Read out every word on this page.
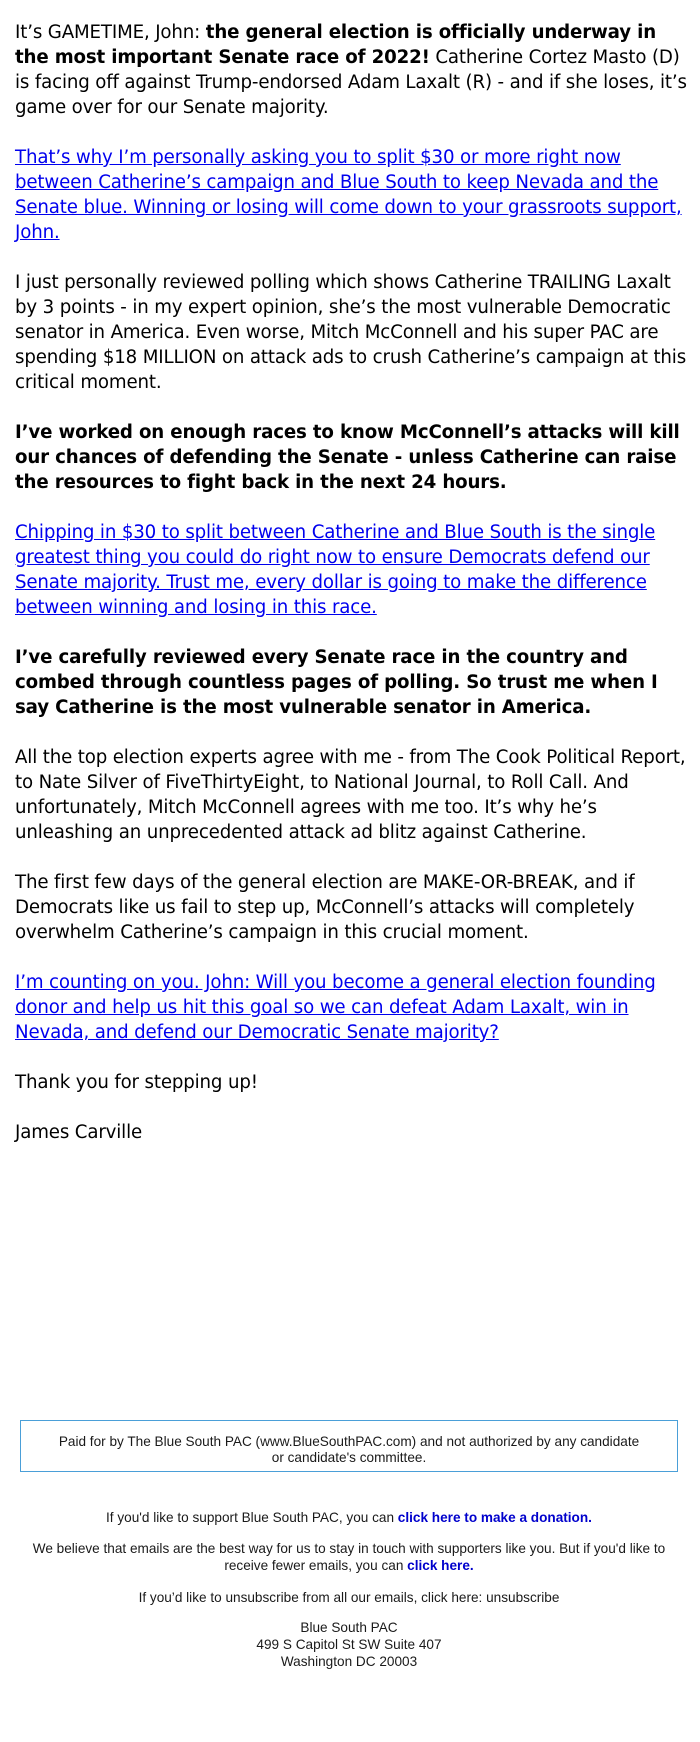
It’s GAMETIME, John: the general election is officially underway in the most important Senate race of 2022! Catherine Cortez Masto (D) is facing off against Trump-endorsed Adam Laxalt (R) - and if she loses, it’s game over for our Senate majority.

That’s why I’m personally asking you to split $30 or more right now between Catherine’s campaign and Blue South to keep Nevada and the Senate blue. Winning or losing will come down to your grassroots support, John.

I just personally reviewed polling which shows Catherine TRAILING Laxalt by 3 points - in my expert opinion, she’s the most vulnerable Democratic senator in America. Even worse, Mitch McConnell and his super PAC are spending $18 MILLION on attack ads to crush Catherine’s campaign at this critical moment.

I’ve worked on enough races to know McConnell’s attacks will kill our chances of defending the Senate - unless Catherine can raise the resources to fight back in the next 24 hours.

Chipping in $30 to split between Catherine and Blue South is the single greatest thing you could do right now to ensure Democrats defend our Senate majority. Trust me, every dollar is going to make the difference between winning and losing in this race.

I’ve carefully reviewed every Senate race in the country and combed through countless pages of polling. So trust me when I say Catherine is the most vulnerable senator in America.

All the top election experts agree with me - from The Cook Political Report, to Nate Silver of FiveThirtyEight, to National Journal, to Roll Call. And unfortunately, Mitch McConnell agrees with me too. It’s why he’s unleashing an unprecedented attack ad blitz against Catherine.

The first few days of the general election are MAKE-OR-BREAK, and if Democrats like us fail to step up, McConnell’s attacks will completely overwhelm Catherine’s campaign in this crucial moment.

I’m counting on you. John: Will you become a general election founding donor and help us hit this goal so we can defeat Adam Laxalt, win in Nevada, and defend our Democratic Senate majority?

Thank you for stepping up!

James Carville

Paid for by The Blue South PAC (www.BlueSouthPAC.com) and not authorized by any candidate or candidate's committee.
If you'd like to support Blue South PAC, you can click here to make a donation.
We believe that emails are the best way for us to stay in touch with supporters like you. But if you'd like to receive fewer emails, you can click here.
If you’d like to unsubscribe from all our emails, click here: unsubscribe
Blue South PAC
499 S Capitol St SW Suite 407
Washington DC 20003
